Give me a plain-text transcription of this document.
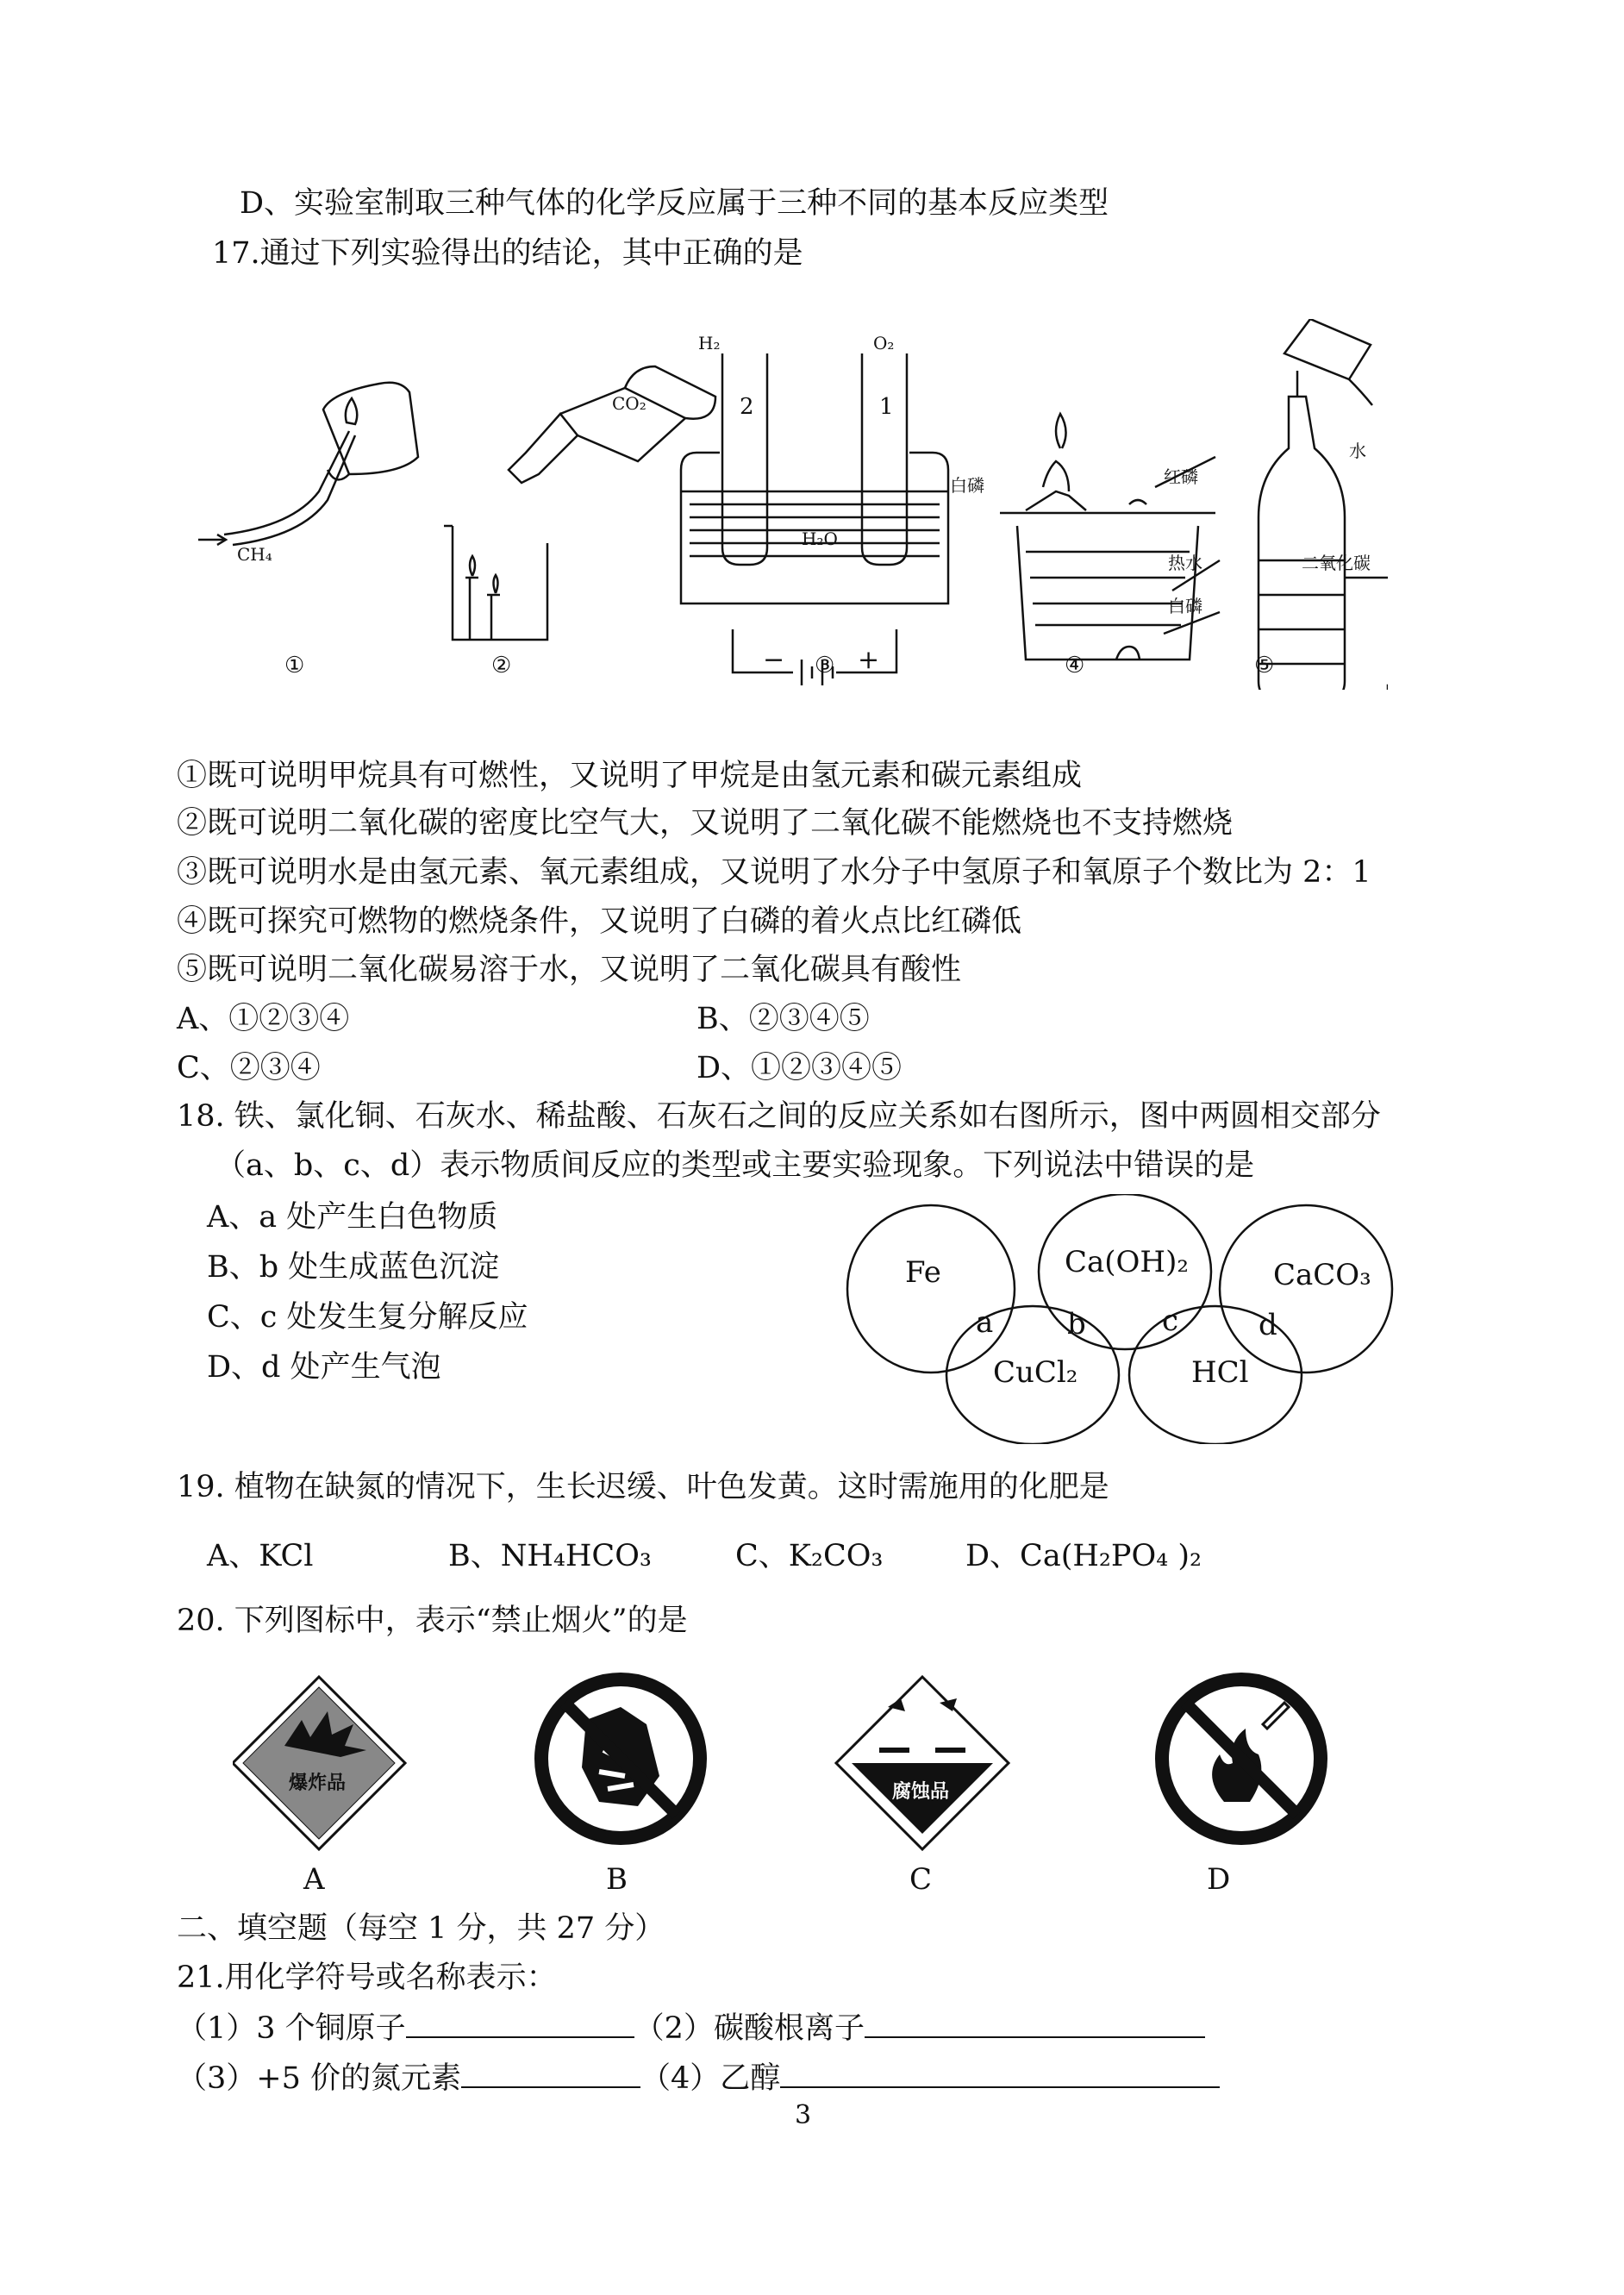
D、实验室制取三种气体的化学反应属于三种不同的基本反应类型
17.通过下列实验得出的结论，其中正确的是
CH₄
CO₂
H₂	O₂
H₂O
2	1
−	+
白磷	红磷
热水
白磷
水
二氧化碳
①	②	③	④	⑤
①既可说明甲烷具有可燃性，又说明了甲烷是由氢元素和碳元素组成
②既可说明二氧化碳的密度比空气大，又说明了二氧化碳不能燃烧也不支持燃烧
③既可说明水是由氢元素、氧元素组成，又说明了水分子中氢原子和氧原子个数比为 2：1
④既可探究可燃物的燃烧条件，又说明了白磷的着火点比红磷低
⑤既可说明二氧化碳易溶于水，又说明了二氧化碳具有酸性
A、①②③④	B、②③④⑤
C、②③④	D、①②③④⑤
18. 铁、氯化铜、石灰水、稀盐酸、石灰石之间的反应关系如右图所示，图中两圆相交部分
（a、b、c、d）表示物质间反应的类型或主要实验现象。下列说法中错误的是
A、a 处产生白色物质
B、b 处生成蓝色沉淀
C、c 处发生复分解反应
D、d 处产生气泡
Fe	Ca(OH)₂	CaCO₃
CuCl₂	HCl
a	b	c	d
19. 植物在缺氮的情况下，生长迟缓、叶色发黄。这时需施用的化肥是
A、KCl	B、NH₄HCO₃	C、K₂CO₃	D、Ca(H₂PO₄ )₂
20. 下列图标中，表示“禁止烟火”的是
爆炸品	腐蚀品
A	B	C	D
二、填空题（每空 1 分，共 27 分）
21.用化学符号或名称表示：
（1）3 个铜原子	（2）碳酸根离子
（3）+5 价的氮元素	（4）乙醇
3
